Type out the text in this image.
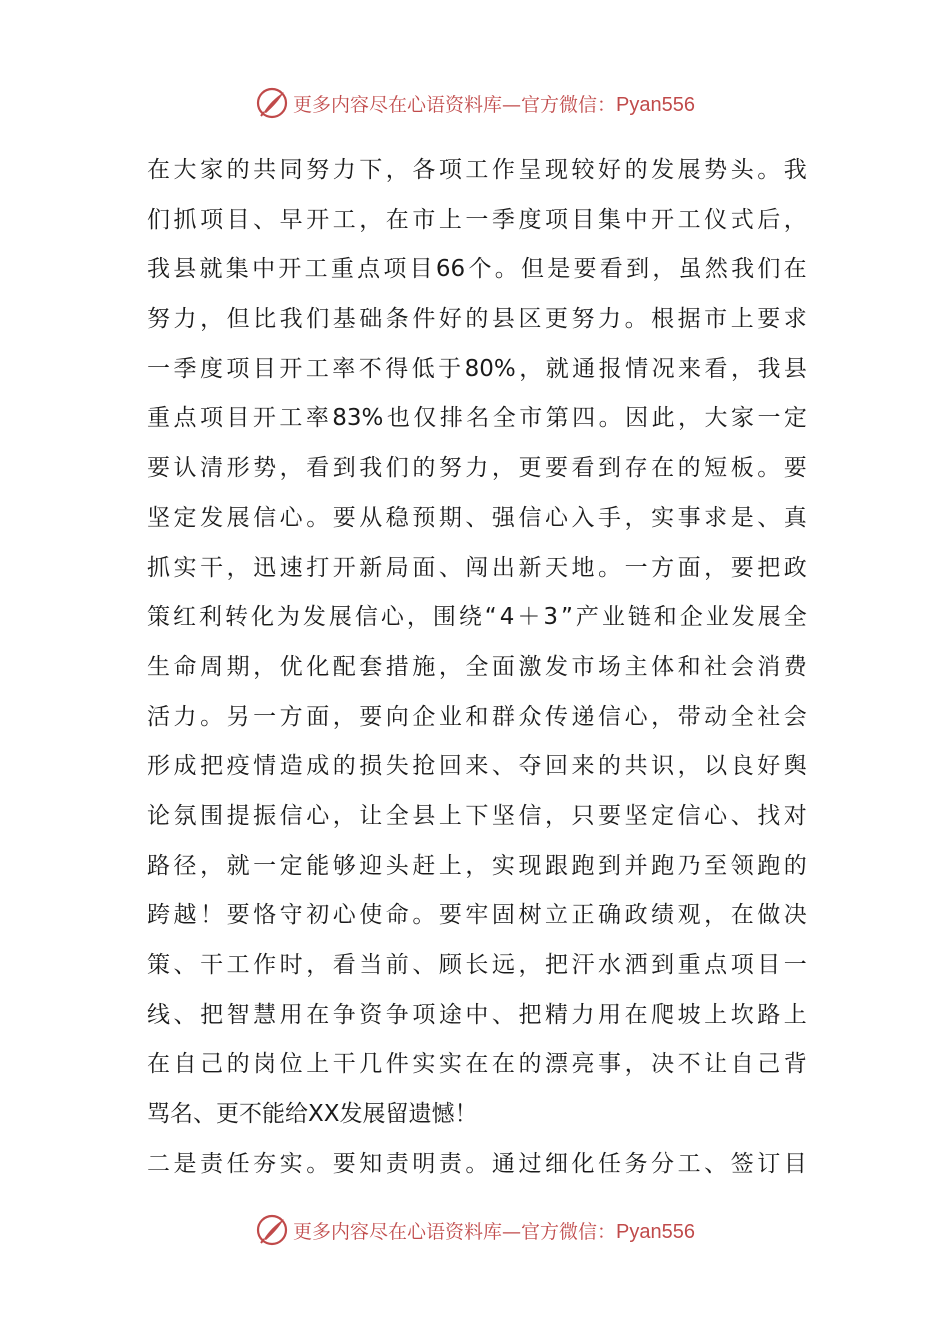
更多内容尽在心语资料库—官方微信：Pyan556
在 大 家 的 共 同 努 力 下 ， 各 项 工 作 呈 现 较 好 的 发 展 势 头 。 我
们 抓 项 目 、 早 开 工 ， 在 市 上 一 季 度 项 目 集 中 开 工 仪 式 后 ，
我 县 就 集 中 开 工 重 点 项 目 66 个 。 但 是 要 看 到 ， 虽 然 我 们 在
努 力 ， 但 比 我 们 基 础 条 件 好 的 县 区 更 努 力 。 根 据 市 上 要 求
一 季 度 项 目 开 工 率 不 得 低 于 80% ， 就 通 报 情 况 来 看 ， 我 县
重 点 项 目 开 工 率 83% 也 仅 排 名 全 市 第 四 。 因 此 ， 大 家 一 定
要 认 清 形 势 ， 看 到 我 们 的 努 力 ， 更 要 看 到 存 在 的 短 板 。 要
坚 定 发 展 信 心 。 要 从 稳 预 期 、 强 信 心 入 手 ， 实 事 求 是 、 真
抓 实 干 ， 迅 速 打 开 新 局 面 、 闯 出 新 天 地 。 一 方 面 ， 要 把 政
策 红 利 转 化 为 发 展 信 心 ， 围 绕 “ 4 ＋ 3 ” 产 业 链 和 企 业 发 展 全
生 命 周 期 ， 优 化 配 套 措 施 ， 全 面 激 发 市 场 主 体 和 社 会 消 费
活 力 。 另 一 方 面 ， 要 向 企 业 和 群 众 传 递 信 心 ， 带 动 全 社 会
形 成 把 疫 情 造 成 的 损 失 抢 回 来 、 夺 回 来 的 共 识 ， 以 良 好 舆
论 氛 围 提 振 信 心 ， 让 全 县 上 下 坚 信 ， 只 要 坚 定 信 心 、 找 对
路 径 ， 就 一 定 能 够 迎 头 赶 上 ， 实 现 跟 跑 到 并 跑 乃 至 领 跑 的
跨 越 ！ 要 恪 守 初 心 使 命 。 要 牢 固 树 立 正 确 政 绩 观 ， 在 做 决
策 、 干 工 作 时 ， 看 当 前 、 顾 长 远 ， 把 汗 水 洒 到 重 点 项 目 一
线 、 把 智 慧 用 在 争 资 争 项 途 中 、 把 精 力 用 在 爬 坡 上 坎 路 上
在 自 己 的 岗 位 上 干 几 件 实 实 在 在 的 漂 亮 事 ， 决 不 让 自 己 背
骂名、更不能给XX发展留遗憾！
二 是 责 任 夯 实 。 要 知 责 明 责 。 通 过 细 化 任 务 分 工 、 签 订 目
更多内容尽在心语资料库—官方微信：Pyan556
